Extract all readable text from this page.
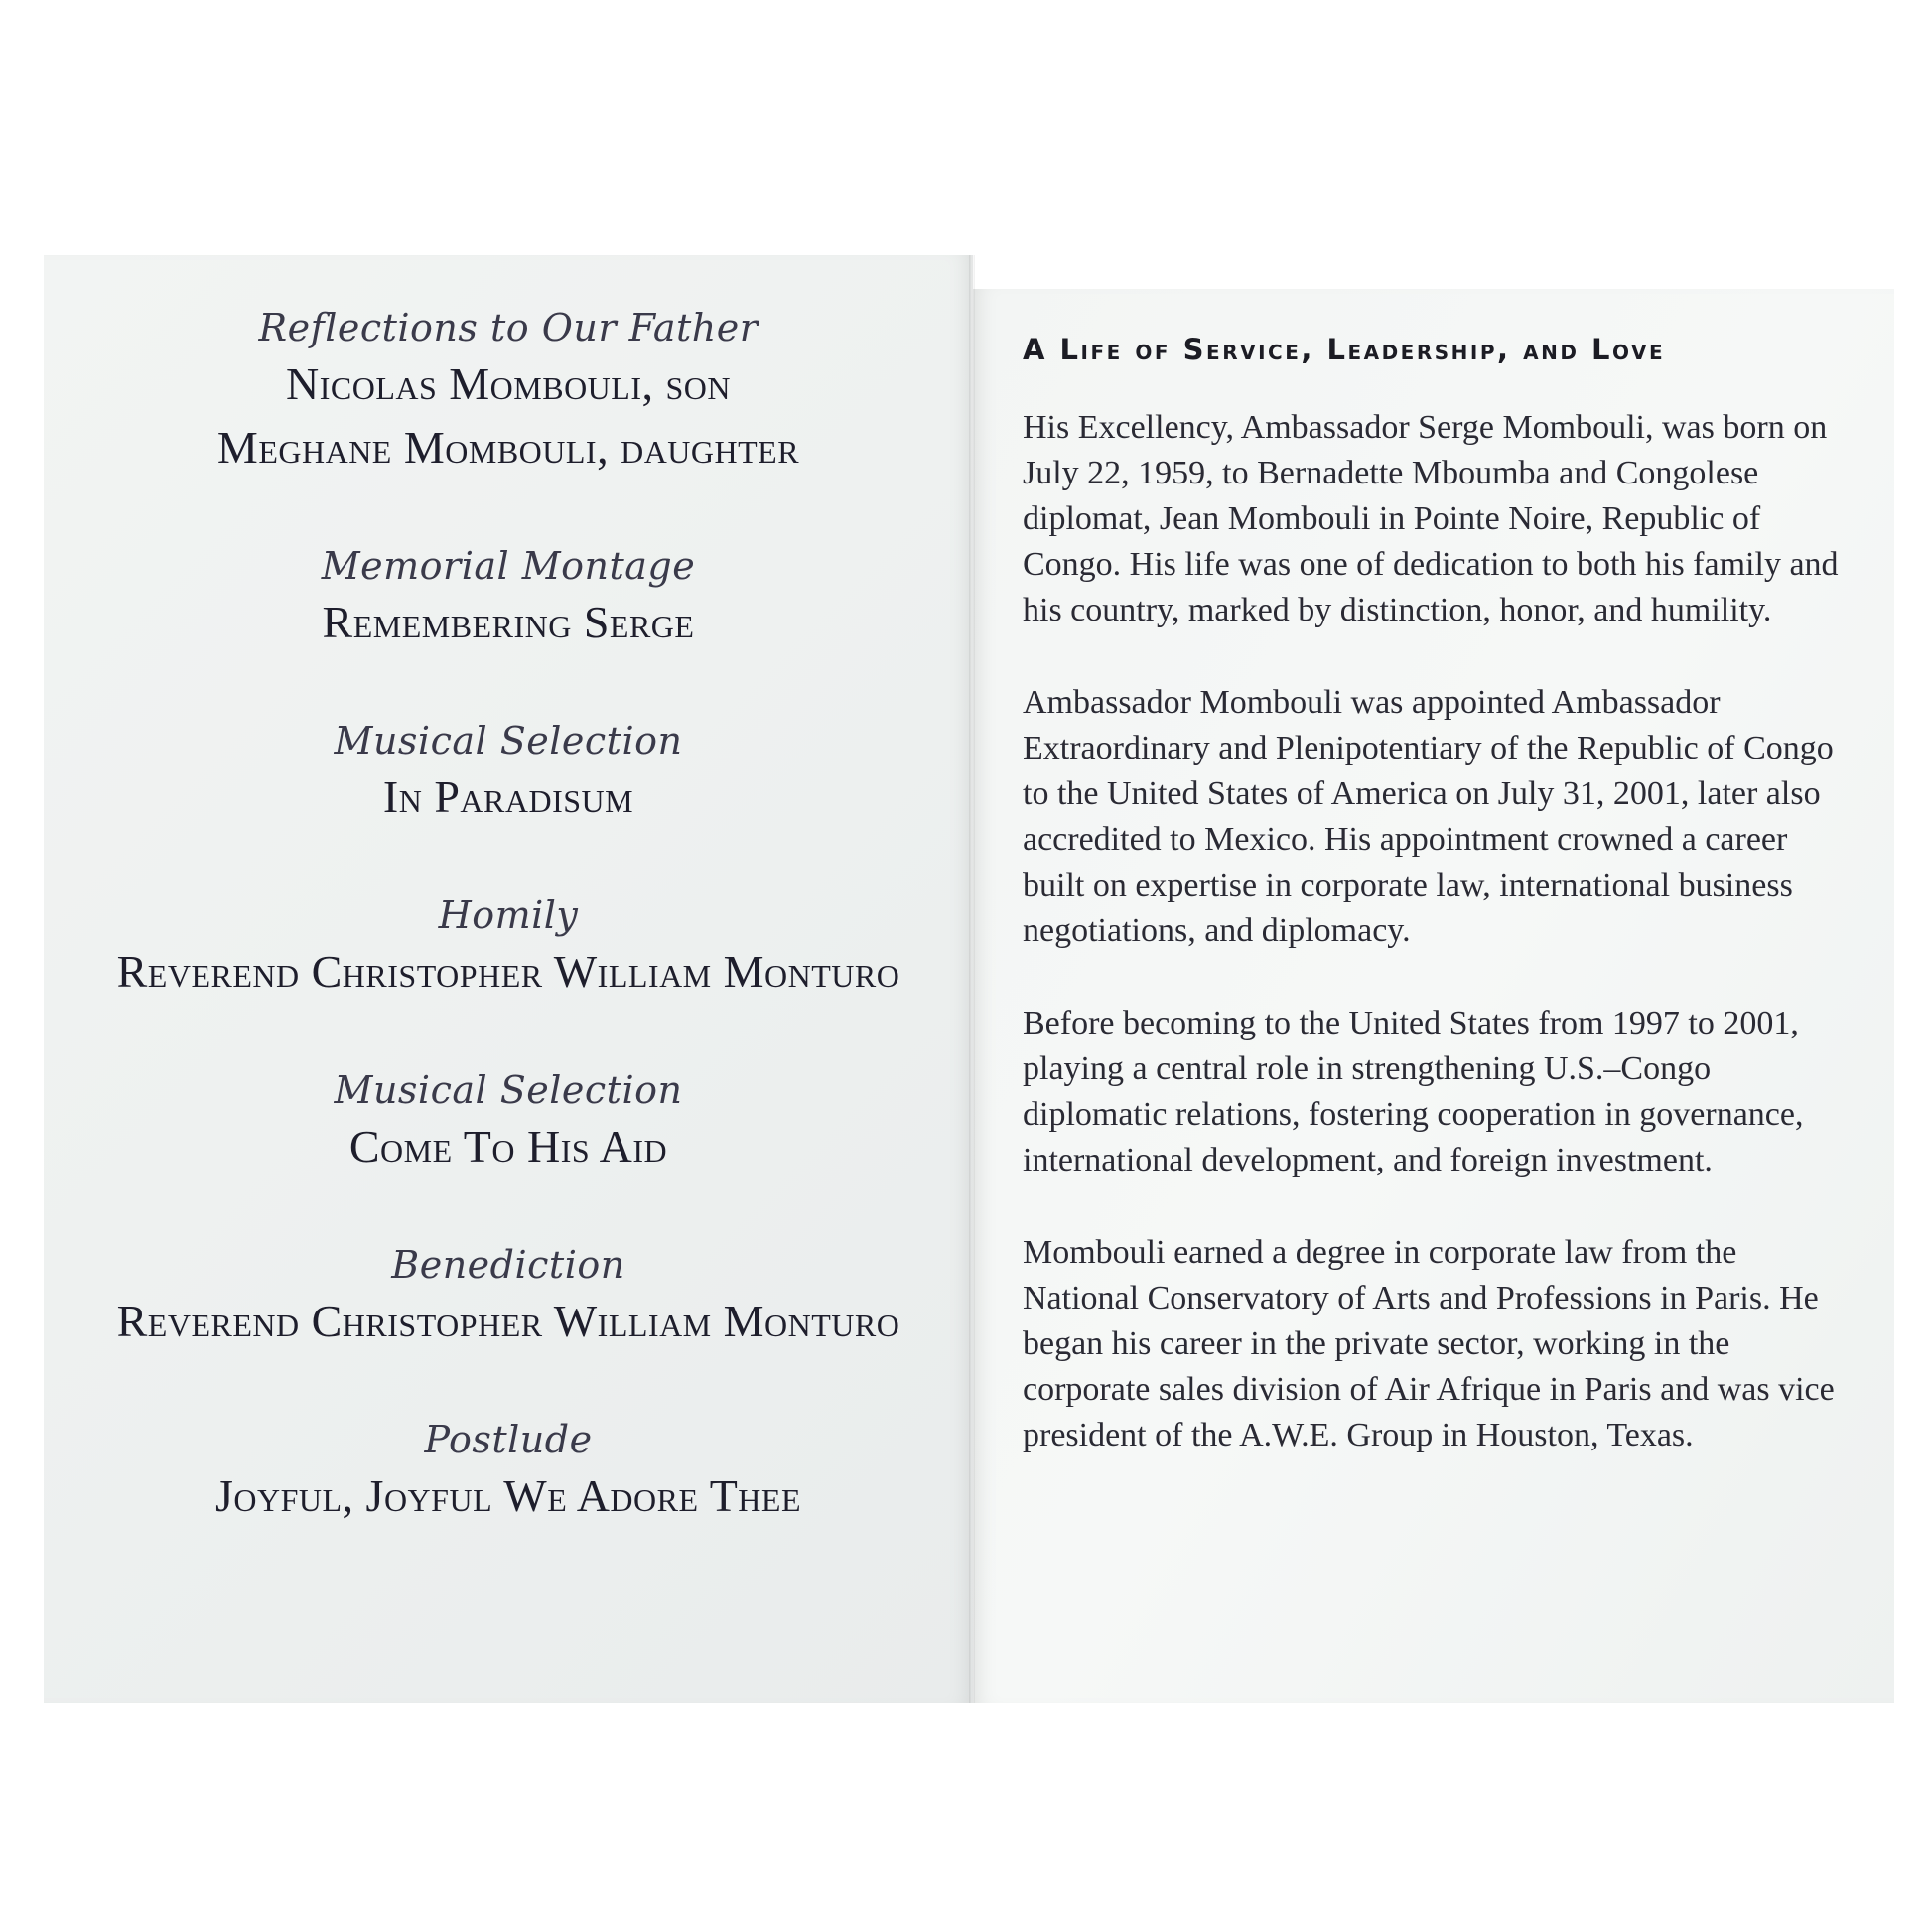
Reflections to Our Father
Nicolas Mombouli, son
Meghane Mombouli, daughter
Memorial Montage
Remembering Serge
Musical Selection
In Paradisum
Homily
Reverend Christopher William Monturo
Musical Selection
Come To His Aid
Benediction
Reverend Christopher William Monturo
Postlude
Joyful, Joyful We Adore Thee
A Life of Service, Leadership, and Love

His Excellency, Ambassador Serge Mombouli, was born on July 22, 1959, to Bernadette Mboumba and Congolese diplomat, Jean Mombouli in Pointe Noire, Republic of Congo. His life was one of dedication to both his family and his country, marked by distinction, honor, and humility.

Ambassador Mombouli was appointed Ambassador Extraordinary and Plenipotentiary of the Republic of Congo to the United States of America on July 31, 2001, later also accredited to Mexico. His appointment crowned a career built on expertise in corporate law, international business negotiations, and diplomacy.

Before becoming to the United States from 1997 to 2001, playing a central role in strengthening U.S.–Congo diplomatic relations, fostering cooperation in governance, international development, and foreign investment.

Mombouli earned a degree in corporate law from the National Conservatory of Arts and Professions in Paris. He began his career in the private sector, working in the corporate sales division of Air Afrique in Paris and was vice president of the A.W.E. Group in Houston, Texas.
